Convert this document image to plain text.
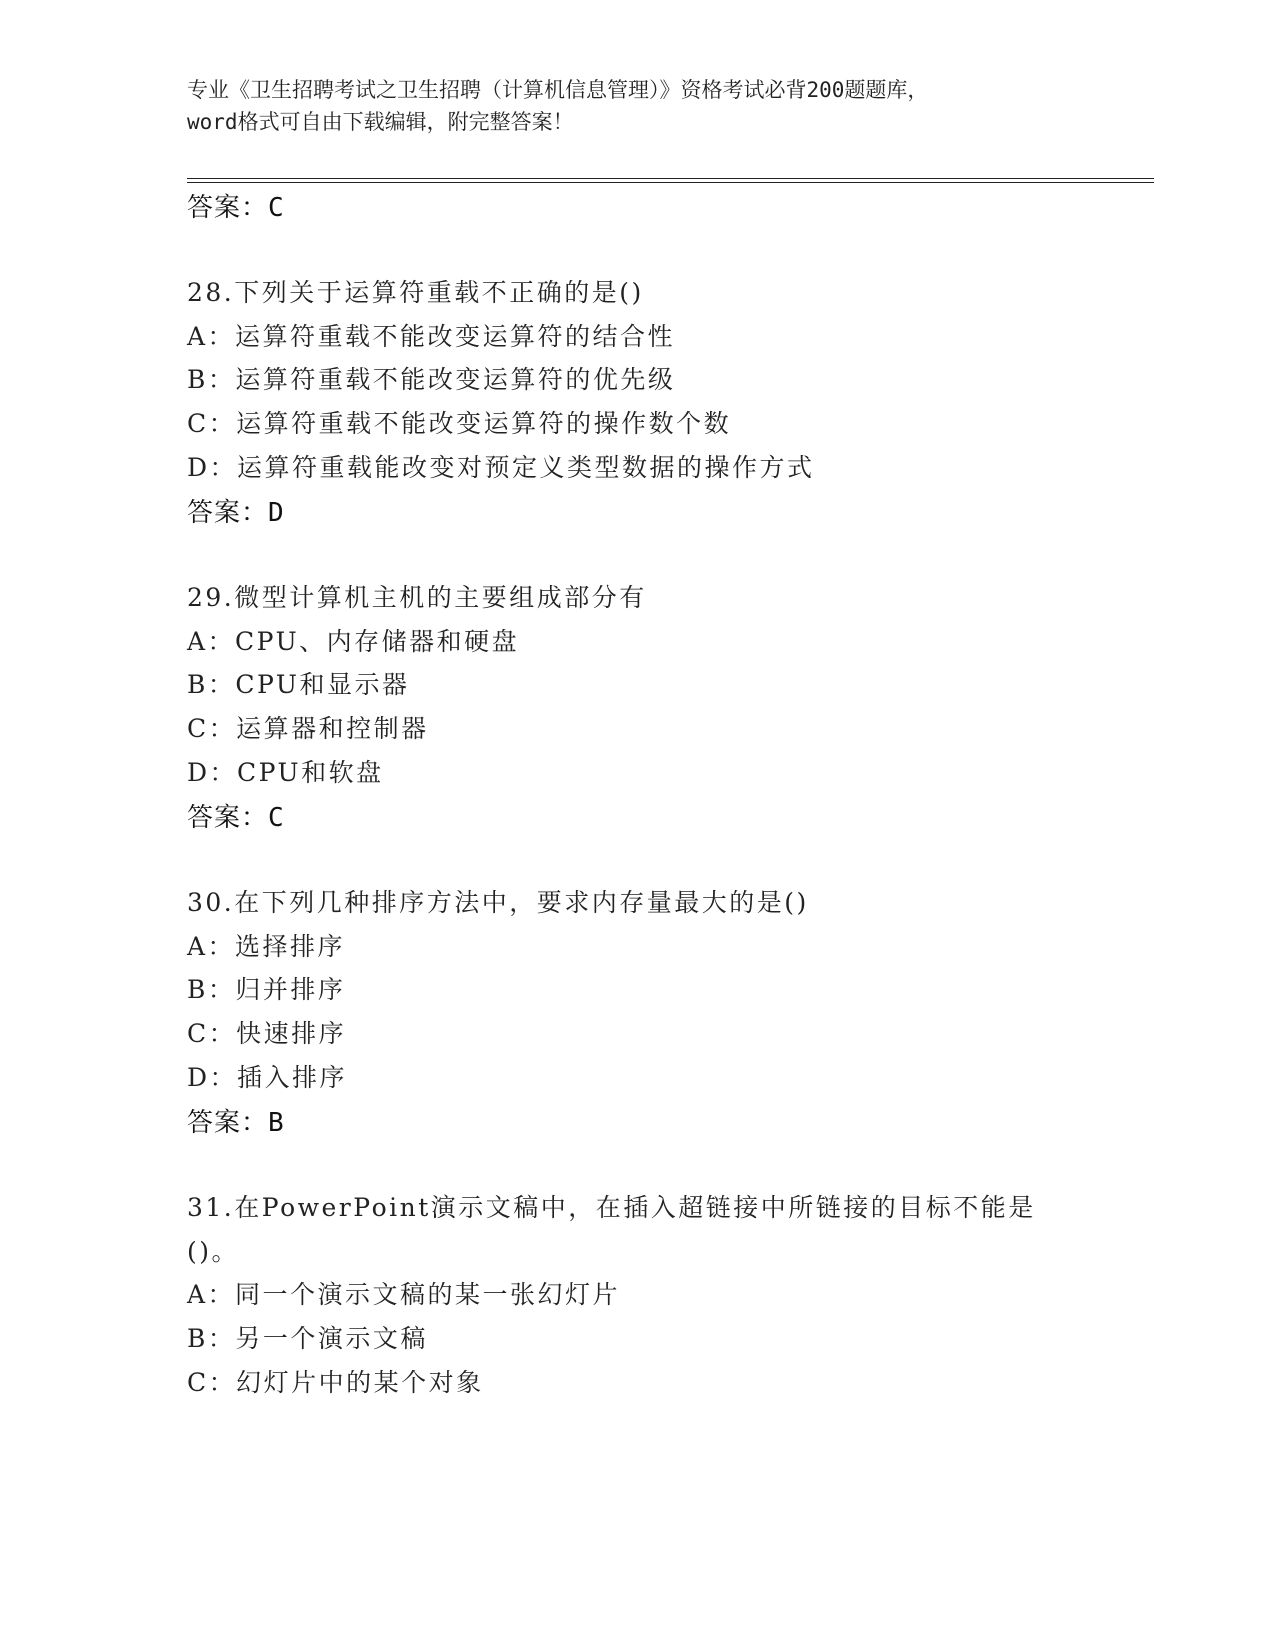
专业《卫生招聘考试之卫生招聘（计算机信息管理）》资格考试必背200题题库，
word格式可自由下载编辑，附完整答案！
答案：C
28.下列关于运算符重载不正确的是()
A：运算符重载不能改变运算符的结合性
B：运算符重载不能改变运算符的优先级
C：运算符重载不能改变运算符的操作数个数
D：运算符重载能改变对预定义类型数据的操作方式
答案：D
29.微型计算机主机的主要组成部分有
A：CPU、内存储器和硬盘
B：CPU和显示器
C：运算器和控制器
D：CPU和软盘
答案：C
30.在下列几种排序方法中，要求内存量最大的是()
A：选择排序
B：归并排序
C：快速排序
D：插入排序
答案：B
31.在PowerPoint演示文稿中，在插入超链接中所链接的目标不能是
()。
A：同一个演示文稿的某一张幻灯片
B：另一个演示文稿
C：幻灯片中的某个对象
